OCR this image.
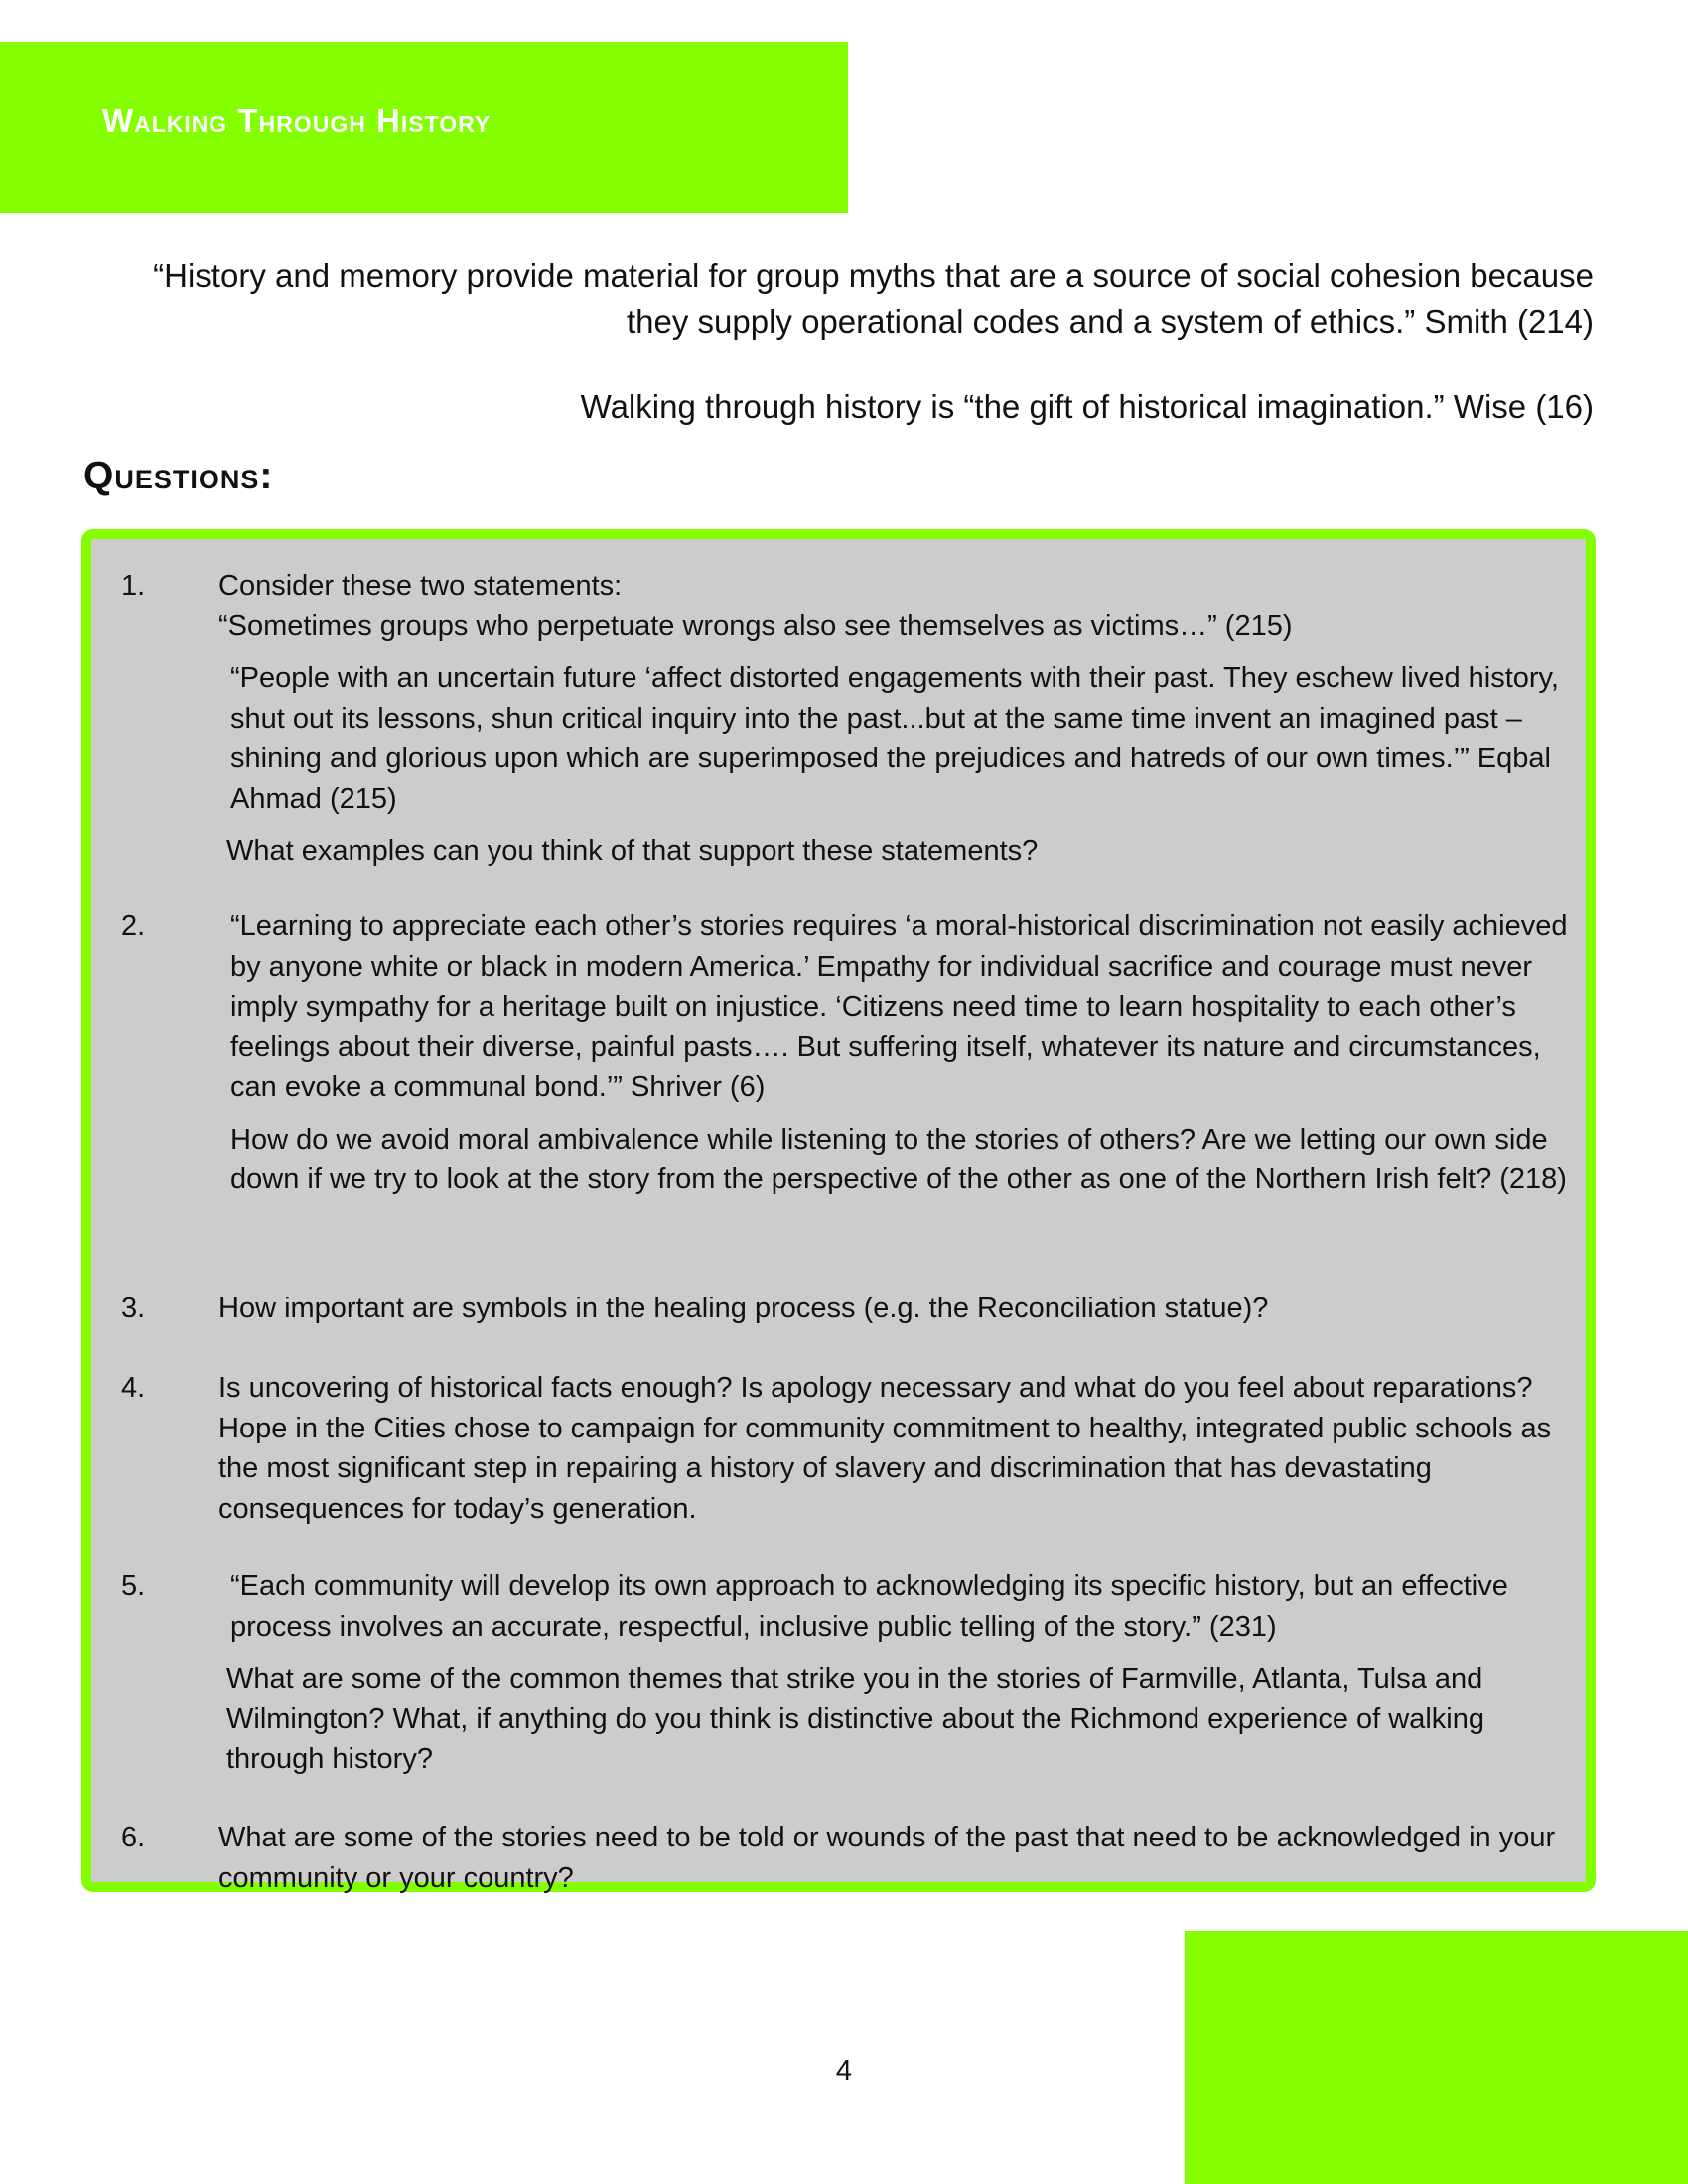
Walking Through History

“History and memory provide material for group myths that are a source of social cohesion because they supply operational codes and a system of ethics.” Smith (214)

Walking through history is “the gift of historical imagination.” Wise (16)

Questions:
1.	Consider these two statements:

“Sometimes groups who perpetuate wrongs also see themselves as victims…” (215)

“People with an uncertain future ‘affect distorted engagements with their past. They eschew lived history, shut out its lessons, shun critical inquiry into the past...but at the same time invent an imagined past – shining and glorious upon which are superimposed the prejudices and hatreds of our own times.’” Eqbal Ahmad (215)

What examples can you think of that support these statements?

2.	“Learning to appreciate each other’s stories requires ‘a moral-historical discrimination not easily achieved by anyone white or black in modern America.’ Empathy for individual sacrifice and courage must never imply sympathy for a heritage built on injustice. ‘Citizens need time to learn hospitality to each other’s feelings about their diverse, painful pasts…. But suffering itself, whatever its nature and circumstances, can evoke a communal bond.’” Shriver (6)

How do we avoid moral ambivalence while listening to the stories of others? Are we letting our own side down if we try to look at the story from the perspective of the other as one of the Northern Irish felt? (218)

3.	How important are symbols in the healing process (e.g. the Reconciliation statue)?

4.	Is uncovering of historical facts enough? Is apology necessary and what do you feel about reparations? Hope in the Cities chose to campaign for community commitment to healthy, integrated public schools as the most significant step in repairing a history of slavery and discrimination that has devastating consequences for today’s generation.

5.	“Each community will develop its own approach to acknowledging its specific history, but an effective process involves an accurate, respectful, inclusive public telling of the story.” (231)

What are some of the common themes that strike you in the stories of Farmville, Atlanta, Tulsa and Wilmington? What, if anything do you think is distinctive about the Richmond experience of walking through history?

6.	What are some of the stories need to be told or wounds of the past that need to be acknowledged in your community or your country?

4
